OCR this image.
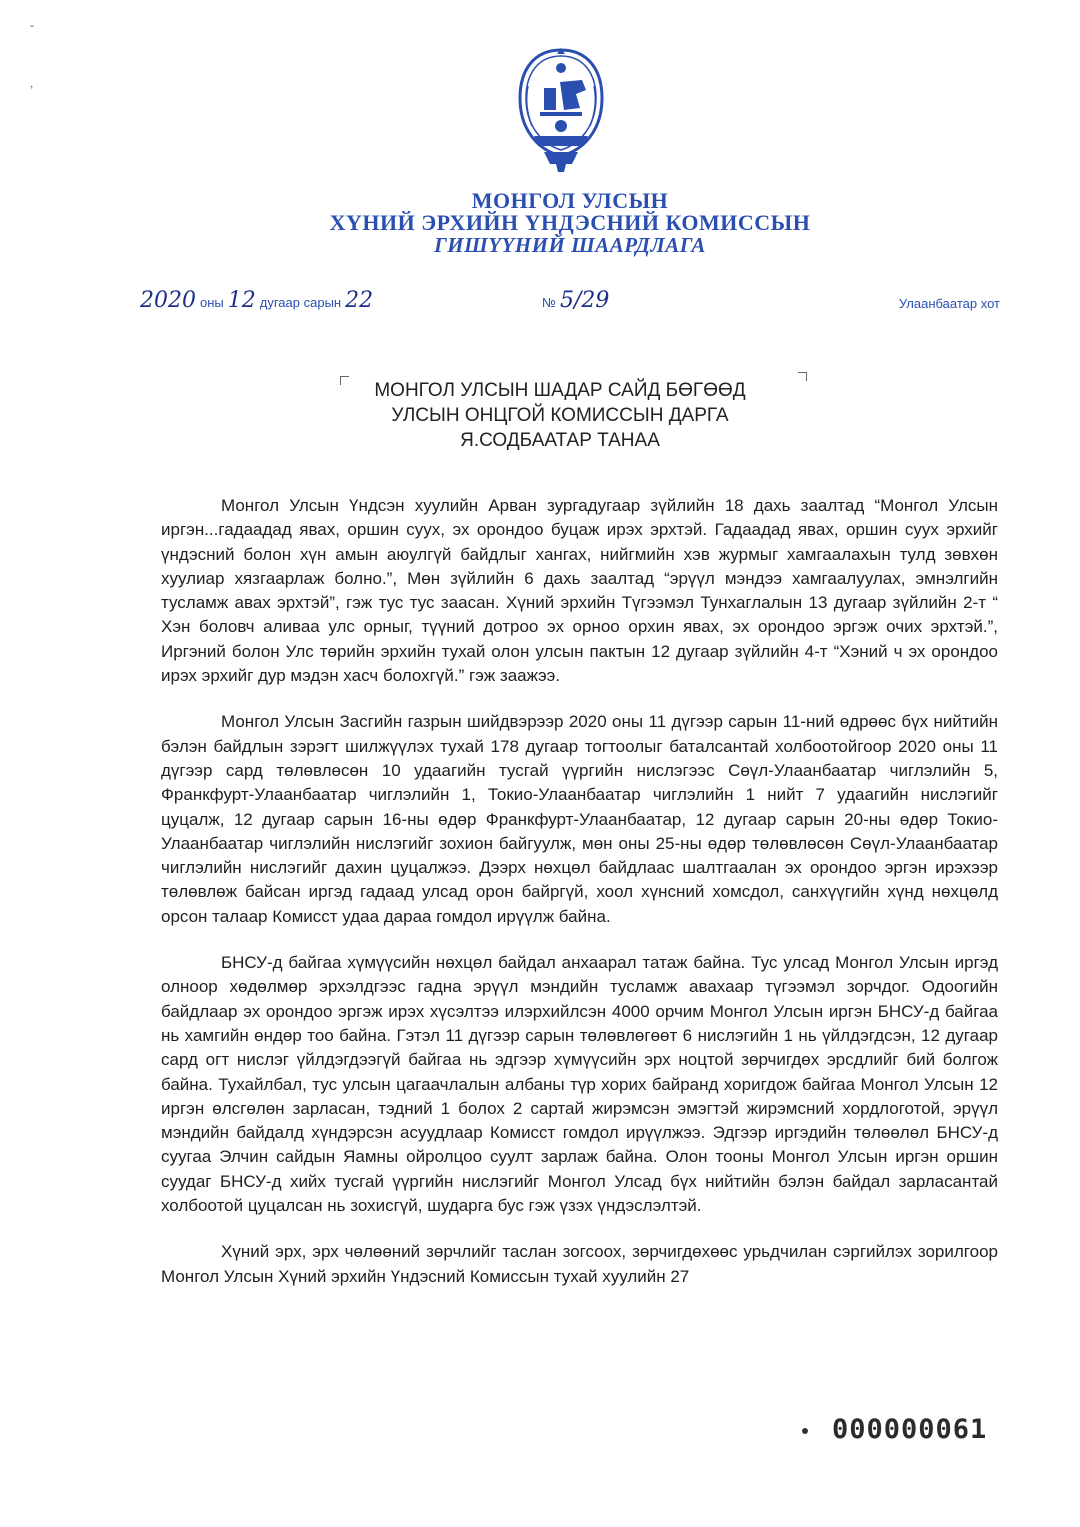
-
,
МОНГОЛ УЛСЫН
ХҮНИЙ ЭРХИЙН ҮНДЭСНИЙ КОМИССЫН
ГИШҮҮНИЙ ШААРДЛАГА
2020 оны 12 дугаар сарын 22	№ 5/29	Улаанбаатар хот
МОНГОЛ УЛСЫН ШАДАР САЙД БӨГӨӨД
УЛСЫН ОНЦГОЙ КОМИССЫН ДАРГА
Я.СОДБААТАР ТАНАА

Монгол Улсын Үндсэн хуулийн Арван зургадугаар зүйлийн 18 дахь заалтад “Монгол Улсын иргэн...гадаадад явах, оршин суух, эх орондоо буцаж ирэх эрхтэй. Гадаадад явах, оршин суух эрхийг үндэсний болон хүн амын аюулгүй байдлыг хангах, нийгмийн хэв журмыг хамгаалахын тулд зөвхөн хуулиар хязгаарлаж болно.”, Мөн зүйлийн 6 дахь заалтад “эрүүл мэндээ хамгаалуулах, эмнэлгийн тусламж авах эрхтэй”, гэж тус тус заасан. Хүний эрхийн Түгээмэл Тунхаглалын 13 дугаар зүйлийн 2-т “ Хэн боловч аливаа улс орныг, түүний дотроо эх орноо орхин явах, эх орондоо эргэж очих эрхтэй.”, Иргэний болон Улс төрийн эрхийн тухай олон улсын пактын 12 дугаар зүйлийн 4-т “Хэний ч эх орондоо ирэх эрхийг дур мэдэн хасч болохгүй.” гэж заажээ.

Монгол Улсын Засгийн газрын шийдвэрээр 2020 оны 11 дүгээр сарын 11-ний өдрөөс бүх нийтийн бэлэн байдлын зэрэгт шилжүүлэх тухай 178 дугаар тогтоолыг баталсантай холбоотойгоор 2020 оны 11 дүгээр сард төлөвлөсөн 10 удаагийн тусгай үүргийн нислэгээс Сөүл-Улаанбаатар чиглэлийн 5, Франкфурт-Улаанбаатар чиглэлийн 1, Токио-Улаанбаатар чиглэлийн 1 нийт 7 удаагийн нислэгийг цуцалж, 12 дугаар сарын 16-ны өдөр Франкфурт-Улаанбаатар, 12 дугаар сарын 20-ны өдөр Токио-Улаанбаатар чиглэлийн нислэгийг зохион байгуулж, мөн оны 25-ны өдөр төлөвлөсөн Сөүл-Улаанбаатар чиглэлийн нислэгийг дахин цуцалжээ. Дээрх нөхцөл байдлаас шалтгаалан эх орондоо эргэн ирэхээр төлөвлөж байсан иргэд гадаад улсад орон байргүй, хоол хүнсний хомсдол, санхүүгийн хүнд нөхцөлд орсон талаар Комисст удаа дараа гомдол ирүүлж байна.

БНСУ-д байгаа хүмүүсийн нөхцөл байдал анхаарал татаж байна. Тус улсад Монгол Улсын иргэд олноор хөдөлмөр эрхэлдгээс гадна эрүүл мэндийн тусламж авахаар түгээмэл зорчдог. Одоогийн байдлаар эх орондоо эргэж ирэх хүсэлтээ илэрхийлсэн 4000 орчим Монгол Улсын иргэн БНСУ-д байгаа нь хамгийн өндөр тоо байна. Гэтэл 11 дүгээр сарын төлөвлөгөөт 6 нислэгийн 1 нь үйлдэгдсэн, 12 дугаар сард огт нислэг үйлдэгдээгүй байгаа нь эдгээр хүмүүсийн эрх ноцтой зөрчигдөх эрсдлийг бий болгож байна. Тухайлбал, тус улсын цагаачлалын албаны түр хорих байранд хоригдож байгаа Монгол Улсын 12 иргэн өлсгөлөн зарласан, тэдний 1 болох 2 сартай жирэмсэн эмэгтэй жирэмсний хордлоготой, эрүүл мэндийн байдалд хүндэрсэн асуудлаар Комисст гомдол ирүүлжээ. Эдгээр иргэдийн төлөөлөл БНСУ-д суугаа Элчин сайдын Яамны ойролцоо суулт зарлаж байна. Олон тооны Монгол Улсын иргэн оршин суудаг БНСУ-д хийх тусгай үүргийн нислэгийг Монгол Улсад бүх нийтийн бэлэн байдал зарласантай холбоотой цуцалсан нь зохисгүй, шударга бус гэж үзэх үндэслэлтэй.

Хүний эрх, эрх чөлөөний зөрчлийг таслан зогсоох, зөрчигдөхөөс урьдчилан сэргийлэх зорилгоор Монгол Улсын Хүний эрхийн Үндэсний Комиссын тухай хуулийн 27

000000061
